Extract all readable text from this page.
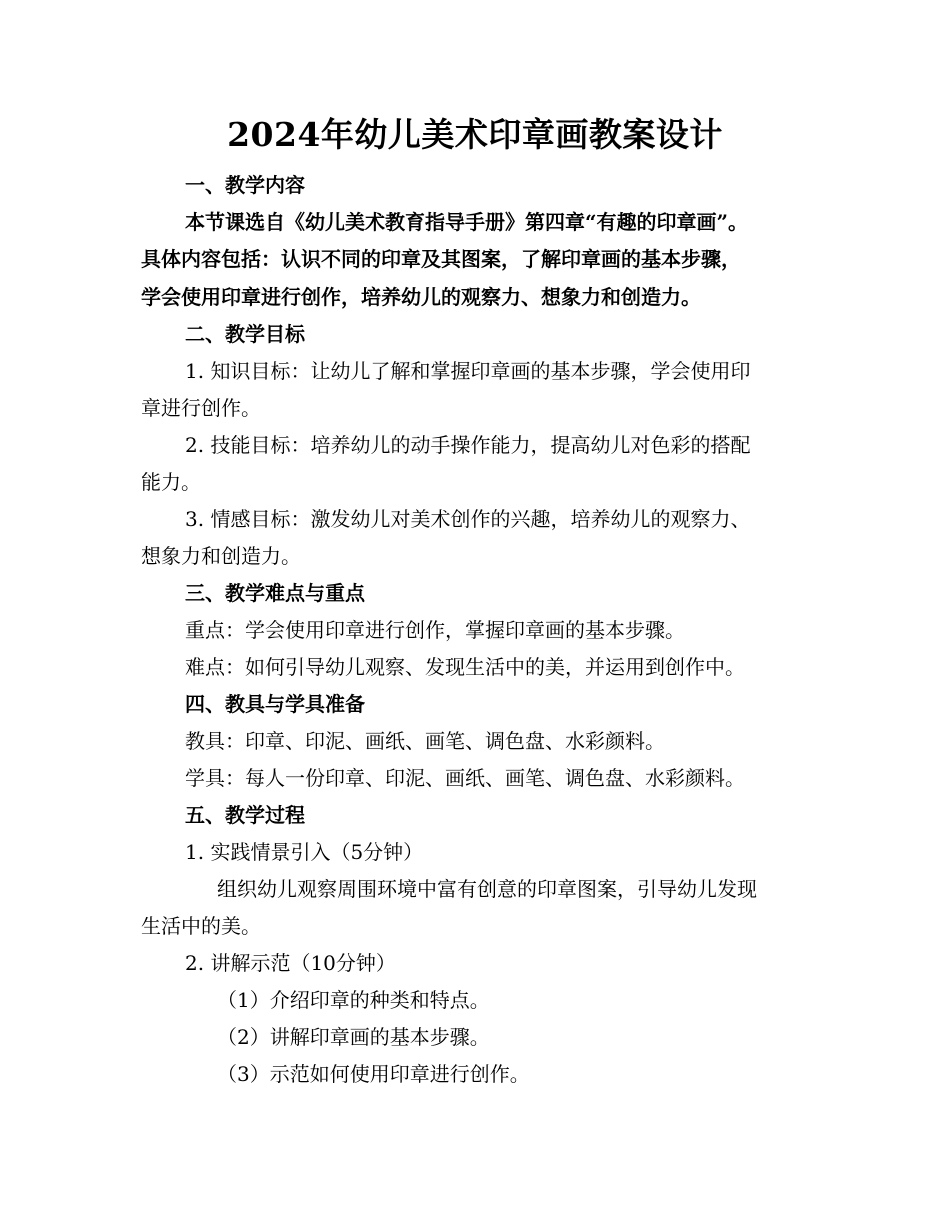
2024年幼儿美术印章画教案设计
一、教学内容
本节课选自《幼儿美术教育指导手册》第四章“有趣的印章画”。
具体内容包括：认识不同的印章及其图案，了解印章画的基本步骤，
学会使用印章进行创作，培养幼儿的观察力、想象力和创造力。
二、教学目标
1. 知识目标：让幼儿了解和掌握印章画的基本步骤，学会使用印
章进行创作。
2. 技能目标：培养幼儿的动手操作能力，提高幼儿对色彩的搭配
能力。
3. 情感目标：激发幼儿对美术创作的兴趣，培养幼儿的观察力、
想象力和创造力。
三、教学难点与重点
重点：学会使用印章进行创作，掌握印章画的基本步骤。
难点：如何引导幼儿观察、发现生活中的美，并运用到创作中。
四、教具与学具准备
教具：印章、印泥、画纸、画笔、调色盘、水彩颜料。
学具：每人一份印章、印泥、画纸、画笔、调色盘、水彩颜料。
五、教学过程
1. 实践情景引入（5分钟）
组织幼儿观察周围环境中富有创意的印章图案，引导幼儿发现
生活中的美。
2. 讲解示范（10分钟）
（1）介绍印章的种类和特点。
（2）讲解印章画的基本步骤。
（3）示范如何使用印章进行创作。
